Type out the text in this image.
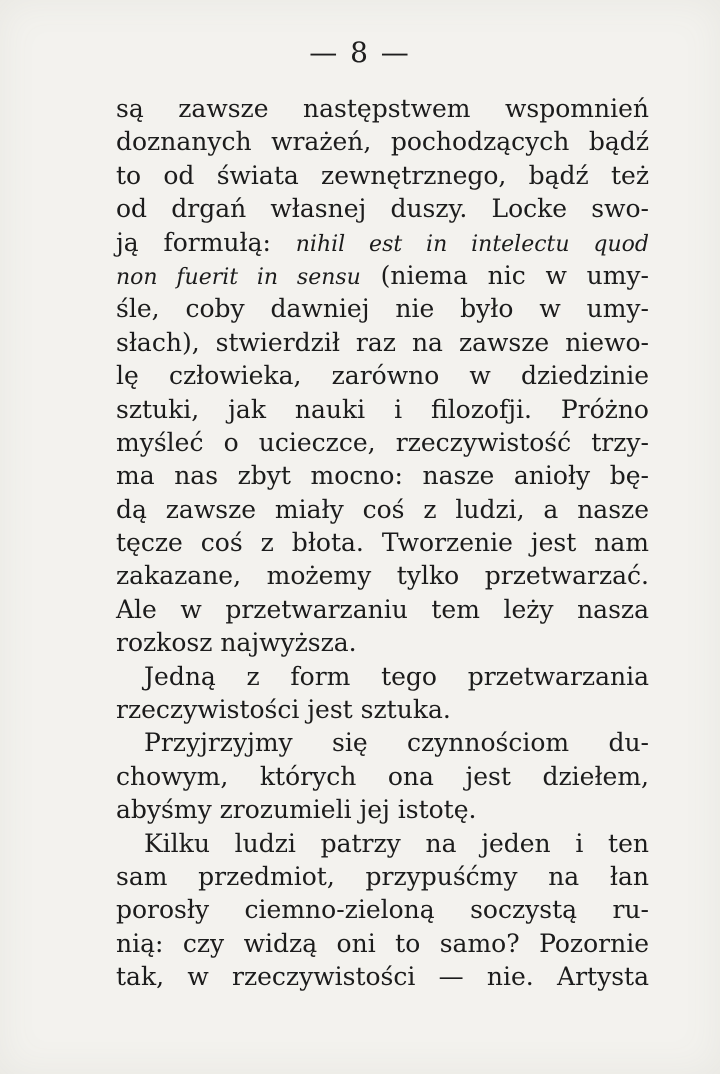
— 8 —
są zawsze następstwem wspomnień
doznanych wrażeń, pochodzących bądź
to od świata zewnętrznego, bądź też
od drgań własnej duszy. Locke swo-
ją formułą: nihil est in intelectu quod
non fuerit in sensu (niema nic w umy-
śle, coby dawniej nie było w umy-
słach), stwierdził raz na zawsze niewo-
lę człowieka, zarówno w dziedzinie
sztuki, jak nauki i filozofji. Próżno
myśleć o ucieczce, rzeczywistość trzy-
ma nas zbyt mocno: nasze anioły bę-
dą zawsze miały coś z ludzi, a nasze
tęcze coś z błota. Tworzenie jest nam
zakazane, możemy tylko przetwarzać.
Ale w przetwarzaniu tem leży nasza
rozkosz najwyższa.
Jedną z form tego przetwarzania
rzeczywistości jest sztuka.
Przyjrzyjmy się czynnościom du-
chowym, których ona jest dziełem,
abyśmy zrozumieli jej istotę.
Kilku ludzi patrzy na jeden i ten
sam przedmiot, przypuśćmy na łan
porosły ciemno-zieloną soczystą ru-
nią: czy widzą oni to samo? Pozornie
tak, w rzeczywistości — nie. Artysta
